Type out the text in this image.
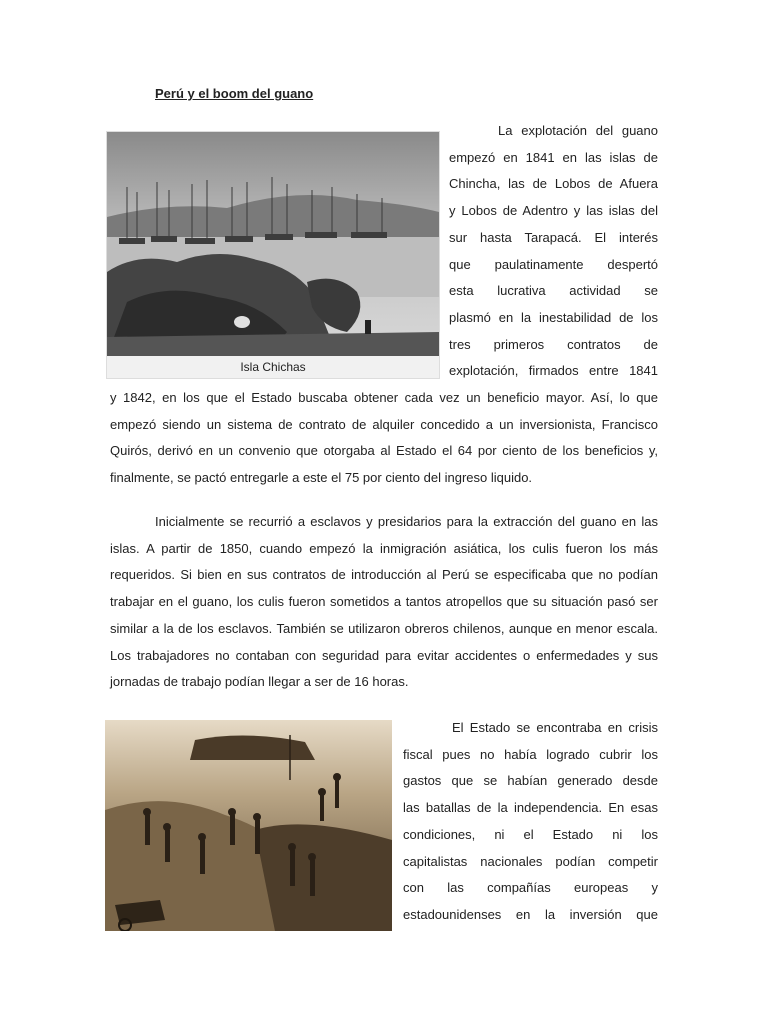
Perú y el boom del guano
Isla Chichas

La explotación del guano

empezó en 1841 en las islas de

Chincha, las de Lobos de Afuera

y Lobos de Adentro y las islas del

sur hasta Tarapacá. El interés

que paulatinamente despertó

esta lucrativa actividad se

plasmó en la inestabilidad de los

tres primeros contratos de

explotación, firmados entre 1841

y 1842, en los que el Estado buscaba obtener cada vez un beneficio mayor. Así, lo que empezó siendo un sistema de contrato de alquiler concedido a un inversionista, Francisco Quirós, derivó en un convenio que otorgaba al Estado el 64 por ciento de los beneficios y, finalmente, se pactó entregarle a este el 75 por ciento del ingreso liquido.

Inicialmente se recurrió a esclavos y presidarios para la extracción del guano en las islas. A partir de 1850, cuando empezó la inmigración asiática, los culis fueron los más requeridos. Si bien en sus contratos de introducción al Perú se especificaba que no podían trabajar en el guano, los culis fueron sometidos a tantos atropellos que su situación pasó ser similar a la de los esclavos. También se utilizaron obreros chilenos, aunque en menor escala. Los trabajadores no contaban con seguridad para evitar accidentes o enfermedades y sus jornadas de trabajo podían llegar a ser de 16 horas.

El Estado se encontraba en crisis

fiscal pues no había logrado cubrir los

gastos que se habían generado desde

las batallas de la independencia. En esas

condiciones, ni el Estado ni los

capitalistas nacionales podían competir

con las compañías europeas y

estadounidenses en la inversión que
